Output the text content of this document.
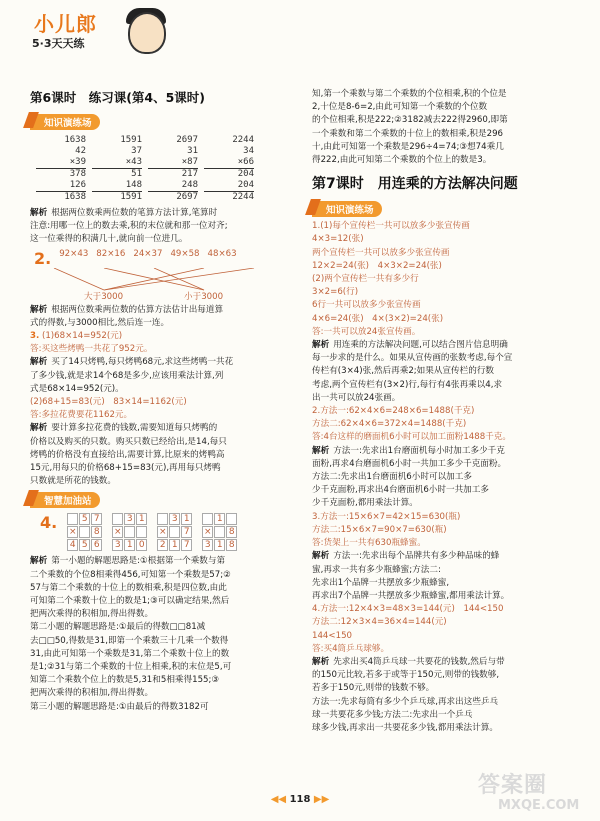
小儿郎
5·3天天练
第6课时　练习课(第4、5课时)
知识演练场
1638
42
×39
378
126
1638
1591
37
×43
51
148
1591
2697
31
×87
217
248
2697
2244
34
×66
204
204
2244

解析 根据两位数乘两位数的笔算方法计算,笔算时
注意:用哪一位上的数去乘,积的末位就和那一位对齐;
这一位乘得的积满几十,就向前一位进几。

2. 92×43 82×16 24×37 49×58 48×63
大于3000	小于3000

解析 根据两位数乘两位数的估算方法估计出每道算
式的得数,与3000相比,然后连一连。

3. (1)68×14=952(元)
答:买这些烤鸭一共花了952元。

解析 买了14只烤鸭,每只烤鸭68元,求这些烤鸭一共花
了多少钱,就是求14个68是多少,应该用乘法计算,列
式是68×14=952(元)。

(2)68+15=83(元)　83×14=1162(元)
答:多拉花费要花1162元。

解析 要计算多拉花费的钱数,需要知道每只烤鸭的
价格以及购买的只数。购买只数已经给出,是14,每只
烤鸭的价格没有直接给出,需要计算,比原来的烤鸭高
15元,用每只的价格68+15=83(元),再用每只烤鸭
只数就是所花的钱数。

智慧加油站
4.	5 7
× 8
4 5 6
3 1
×
3 1 0
3 1
× 7
2 1 7
1
× 8
3 1 8

解析 第一小题的解题思路是:①根据第一个乘数与第
二个乘数的个位8相乘得456,可知第一个乘数是57;②
57与第二个乘数的十位上的数相乘,积是四位数,由此
可知第二个乘数十位上的数是1;③可以确定结果,然后
把两次乘得的积相加,得出得数。
第二小题的解题思路是:①最后的得数□□81减
去□□50,得数是31,即第一个乘数三十几乘一个数得
31,由此可知第一个乘数是31,第二个乘数十位上的数
是1;②31与第二个乘数的十位上相乘,积的末位是5,可
知第二个乘数个位上的数是5,31和5相乘得155;③
把两次乘得的积相加,得出得数。
第三小题的解题思路是:①由最后的得数3182可

知,第一个乘数与第二个乘数的个位相乘,积的个位是
2,十位是8-6=2,由此可知第一个乘数的个位数
的个位相乘,积是222;②3182减去222得2960,即第
一个乘数和第二个乘数的十位上的数相乘,积是296
十,由此可知第一个乘数是296÷4=74;③想74乘几
得222,由此可知第二个乘数的个位上的数是3。

第7课时　用连乘的方法解决问题
知识演练场

1.(1)每个宣传栏一共可以放多少张宣传画
4×3=12(张)
两个宣传栏一共可以放多少张宣传画
12×2=24(张)　4×3×2=24(张)
(2)两个宣传栏一共有多少行
3×2=6(行)
6行一共可以放多少张宣传画
4×6=24(张)　4×(3×2)=24(张)
答:一共可以放24张宣传画。

解析 用连乘的方法解决问题,可以结合图片信息明确
每一步求的是什么。如果从宣传画的张数考虑,每个宣
传栏有(3×4)张,然后再乘2;如果从宣传栏的行数
考虑,两个宣传栏有(3×2)行,每行有4张再乘以4,求
出一共可以放24张画。

2.方法一:62×4×6=248×6=1488(千克)
方法二:62×4×6=372×4=1488(千克)
答:4台这样的磨面机6小时可以加工面粉1488千克。

解析 方法一:先求出1台磨面机每小时加工多少千克
面粉,再求4台磨面机6小时一共加工多少千克面粉。
方法二:先求出1台磨面机6小时可以加工多
少千克面粉,再求出4台磨面机6小时一共加工多
少千克面粉,都用乘法计算。

3.方法一:15×6×7=42×15=630(瓶)
方法二:15×6×7=90×7=630(瓶)
答:货架上一共有630瓶蜂蜜。

解析 方法一:先求出每个品牌共有多少种品味的蜂
蜜,再求一共有多少瓶蜂蜜;方法二:
先求出1个品牌一共摆放多少瓶蜂蜜,
再求出7个品牌一共摆放多少瓶蜂蜜,都用乘法计算。

4.方法一:12×4×3=48×3=144(元)　144<150
方法二:12×3×4=36×4=144(元)
144<150
答:买4筒乒乓球够。

解析 先求出买4筒乒乓球一共要花的钱数,然后与带
的150元比较,若多于或等于150元,则带的钱数够,
若多于150元,则带的钱数不够。
方法一:先求每筒有多少个乒乓球,再求出这些乒乓
球一共要花多少钱;方法二:先求出一个乒乓
球多少钱,再求出一共要花多少钱,都用乘法计算。

◀◀ 118 ▶▶
答案圈
MXQE.COM
